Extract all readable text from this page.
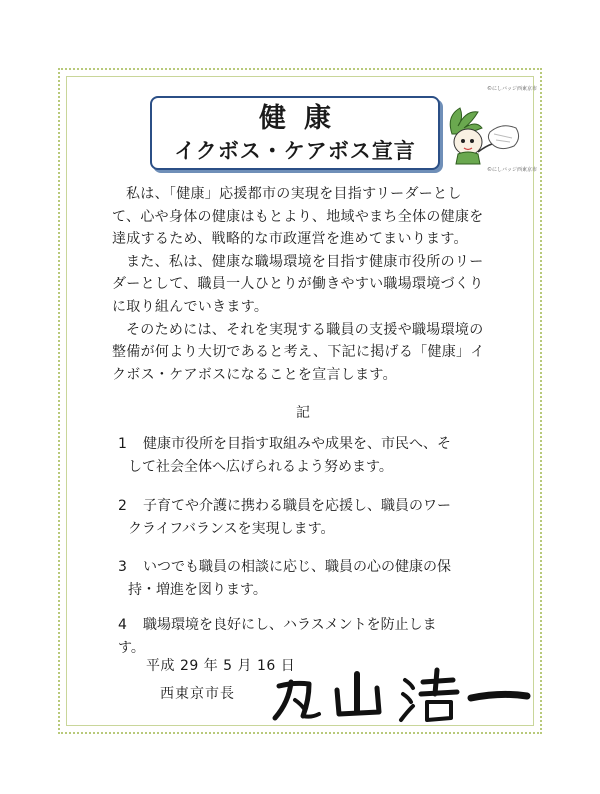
健康
イクボス・ケアボス宣言
©にしバッジ西東京市
©にしバッジ西東京市

私は、「健康」応援都市の実現を目指すリーダーとして、心や身体の健康はもとより、地域やまち全体の健康を達成するため、戦略的な市政運営を進めてまいります。

また、私は、健康な職場環境を目指す健康市役所のリーダーとして、職員一人ひとりが働きやすい職場環境づくりに取り組んでいきます。

そのためには、それを実現する職員の支援や職場環境の整備が何より大切であると考え、下記に掲げる「健康」イクボス・ケアボスになることを宣言します。

記
1 健康市役所を目指す取組みや成果を、市民へ、そ
して社会全体へ広げられるよう努めます。
2 子育てや介護に携わる職員を応援し、職員のワー
クライフバランスを実現します。
3 いつでも職員の相談に応じ、職員の心の健康の保
持・増進を図ります。
4 職場環境を良好にし、ハラスメントを防止しま
す。
平成 29 年 5 月 16 日
西東京市長
